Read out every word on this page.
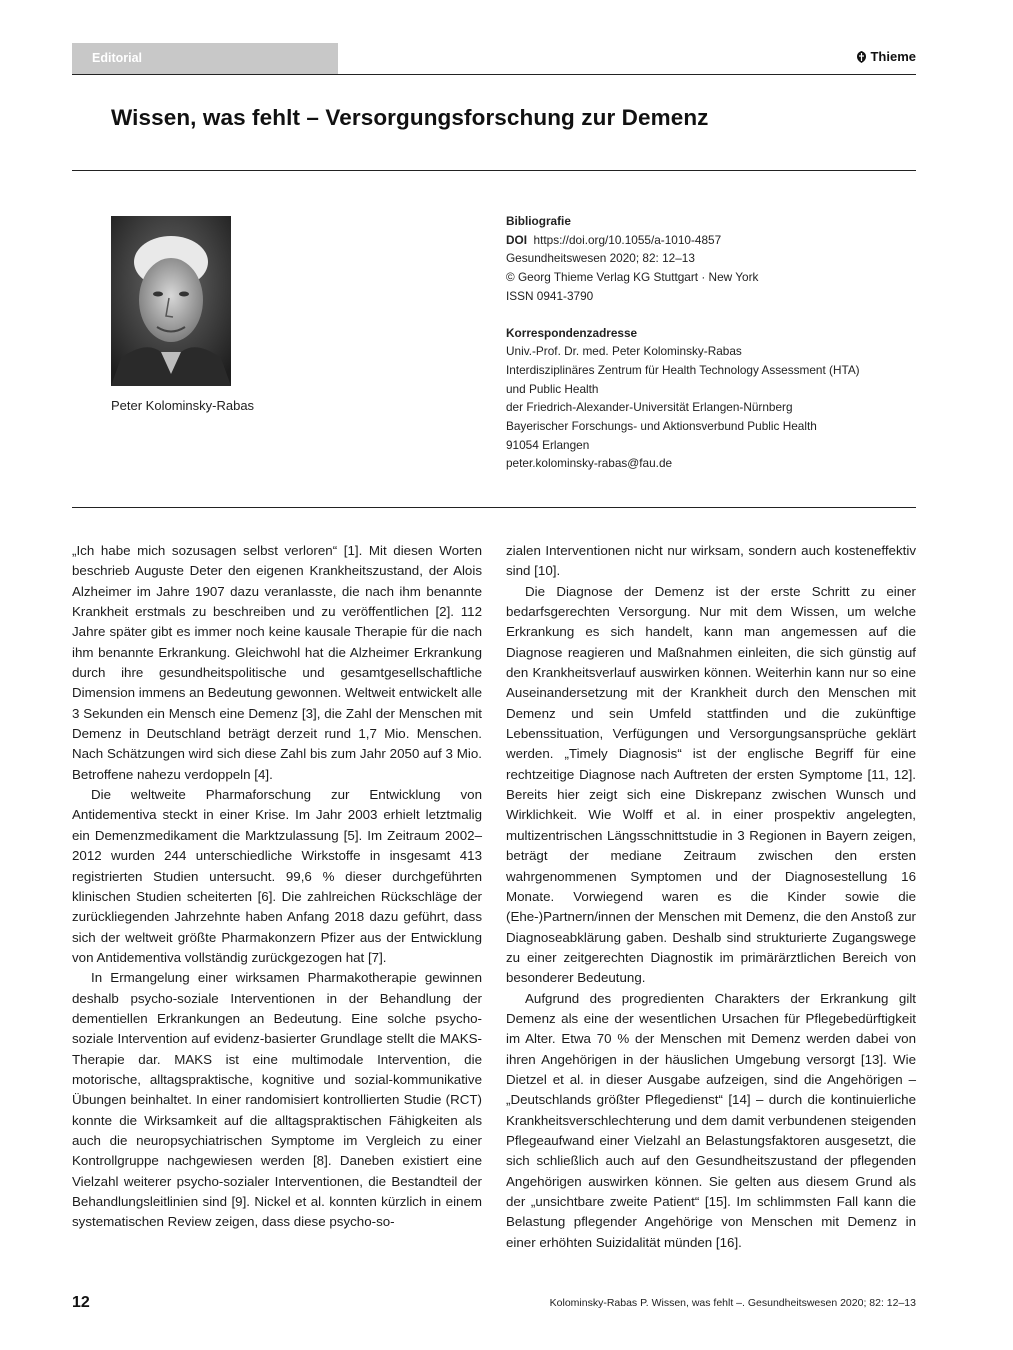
Editorial	Thieme
Wissen, was fehlt – Versorgungsforschung zur Demenz
Peter Kolominsky-Rabas
Bibliografie
DOI https://doi.org/10.1055/a-1010-4857
Gesundheitswesen 2020; 82: 12–13
© Georg Thieme Verlag KG Stuttgart · New York
ISSN 0941-3790
Korrespondenzadresse
Univ.-Prof. Dr. med. Peter Kolominsky-Rabas
Interdisziplinäres Zentrum für Health Technology Assessment (HTA)
und Public Health
der Friedrich-Alexander-Universität Erlangen-Nürnberg
Bayerischer Forschungs- und Aktionsverbund Public Health
91054 Erlangen
peter.kolominsky-rabas@fau.de

„Ich habe mich sozusagen selbst verloren“ [1]. Mit diesen Worten beschrieb Auguste Deter den eigenen Krankheitszustand, der Alois Alzheimer im Jahre 1907 dazu veranlasste, die nach ihm benannte Krankheit erstmals zu beschreiben und zu veröffentlichen [2]. 112 Jahre später gibt es immer noch keine kausale Therapie für die nach ihm benannte Erkrankung. Gleichwohl hat die Alzheimer Erkrankung durch ihre gesundheitspolitische und gesamtgesellschaftliche Dimension immens an Bedeutung gewonnen. Weltweit entwickelt alle 3 Sekunden ein Mensch eine Demenz [3], die Zahl der Menschen mit Demenz in Deutschland beträgt derzeit rund 1,7 Mio. Menschen. Nach Schätzungen wird sich diese Zahl bis zum Jahr 2050 auf 3 Mio. Betroffene nahezu verdoppeln [4].

Die weltweite Pharmaforschung zur Entwicklung von Antidementiva steckt in einer Krise. Im Jahr 2003 erhielt letztmalig ein Demenzmedikament die Marktzulassung [5]. Im Zeitraum 2002–2012 wurden 244 unterschiedliche Wirkstoffe in insgesamt 413 registrierten Studien untersucht. 99,6 % dieser durchgeführten klinischen Studien scheiterten [6]. Die zahlreichen Rückschläge der zurückliegenden Jahrzehnte haben Anfang 2018 dazu geführt, dass sich der weltweit größte Pharmakonzern Pfizer aus der Entwicklung von Antidementiva vollständig zurückgezogen hat [7].

In Ermangelung einer wirksamen Pharmakotherapie gewinnen deshalb psycho-soziale Interventionen in der Behandlung der dementiellen Erkrankungen an Bedeutung. Eine solche psycho-soziale Intervention auf evidenz-basierter Grundlage stellt die MAKS-Therapie dar. MAKS ist eine multimodale Intervention, die motorische, alltagspraktische, kognitive und sozial-kommunikative Übungen beinhaltet. In einer randomisiert kontrollierten Studie (RCT) konnte die Wirksamkeit auf die alltagspraktischen Fähigkeiten als auch die neuropsychiatrischen Symptome im Vergleich zu einer Kontrollgruppe nachgewiesen werden [8]. Daneben existiert eine Vielzahl weiterer psycho-sozialer Interventionen, die Bestandteil der Behandlungsleitlinien sind [9]. Nickel et al. konnten kürzlich in einem systematischen Review zeigen, dass diese psycho-so-

zialen Interventionen nicht nur wirksam, sondern auch kosteneffektiv sind [10].

Die Diagnose der Demenz ist der erste Schritt zu einer bedarfsgerechten Versorgung. Nur mit dem Wissen, um welche Erkrankung es sich handelt, kann man angemessen auf die Diagnose reagieren und Maßnahmen einleiten, die sich günstig auf den Krankheitsverlauf auswirken können. Weiterhin kann nur so eine Auseinandersetzung mit der Krankheit durch den Menschen mit Demenz und sein Umfeld stattfinden und die zukünftige Lebenssituation, Verfügungen und Versorgungsansprüche geklärt werden. „Timely Diagnosis“ ist der englische Begriff für eine rechtzeitige Diagnose nach Auftreten der ersten Symptome [11, 12]. Bereits hier zeigt sich eine Diskrepanz zwischen Wunsch und Wirklichkeit. Wie Wolff et al. in einer prospektiv angelegten, multizentrischen Längsschnittstudie in 3 Regionen in Bayern zeigen, beträgt der mediane Zeitraum zwischen den ersten wahrgenommenen Symptomen und der Diagnosestellung 16 Monate. Vorwiegend waren es die Kinder sowie die (Ehe-)Partnern/innen der Menschen mit Demenz, die den Anstoß zur Diagnoseabklärung gaben. Deshalb sind strukturierte Zugangswege zu einer zeitgerechten Diagnostik im primärärztlichen Bereich von besonderer Bedeutung.

Aufgrund des progredienten Charakters der Erkrankung gilt Demenz als eine der wesentlichen Ursachen für Pflegebedürftigkeit im Alter. Etwa 70 % der Menschen mit Demenz werden dabei von ihren Angehörigen in der häuslichen Umgebung versorgt [13]. Wie Dietzel et al. in dieser Ausgabe aufzeigen, sind die Angehörigen – „Deutschlands größter Pflegedienst“ [14] – durch die kontinuierliche Krankheitsverschlechterung und dem damit verbundenen steigenden Pflegeaufwand einer Vielzahl an Belastungsfaktoren ausgesetzt, die sich schließlich auch auf den Gesundheitszustand der pflegenden Angehörigen auswirken können. Sie gelten aus diesem Grund als der „unsichtbare zweite Patient“ [15]. Im schlimmsten Fall kann die Belastung pflegender Angehörige von Menschen mit Demenz in einer erhöhten Suizidalität münden [16].

12	Kolominsky-Rabas P. Wissen, was fehlt –. Gesundheitswesen 2020; 82: 12–13
